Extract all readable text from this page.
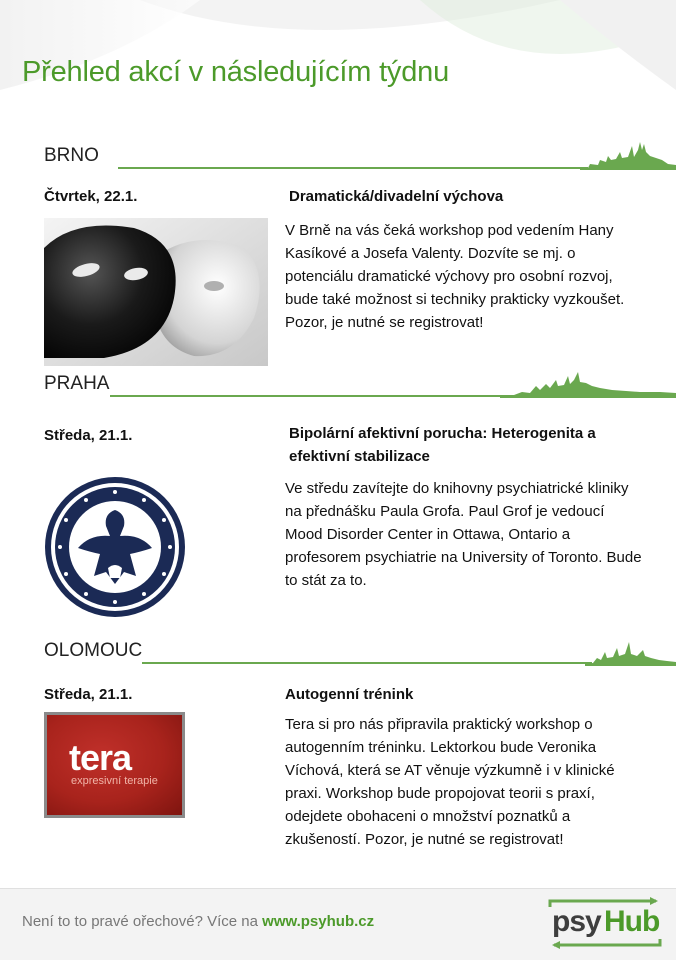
Přehled akcí v následujícím týdnu
BRNO
Čtvrtek, 22.1.	Dramatická/divadelní výchova
V Brně na vás čeká workshop pod vedením Hany Kasíkové a Josefa Valenty. Dozvíte se mj. o potenciálu dramatické výchovy pro osobní rozvoj, bude také možnost si techniky prakticky vyzkoušet. Pozor, je nutné se registrovat!
PRAHA
Středa, 21.1.	Bipolární afektivní porucha: Heterogenita a efektivní stabilizace
Ve středu zavítejte do knihovny psychiatrické kliniky na přednášku Paula Grofa. Paul Grof je vedoucí Mood Disorder Center in Ottawa, Ontario a profesorem psychiatrie na University of Toronto. Bude to stát za to.
OLOMOUC
Středa, 21.1.	Autogenní trénink
tera
expresivní terapie
Tera si pro nás připravila praktický workshop o autogenním tréninku. Lektorkou bude Veronika Víchová, která se AT věnuje výzkumně i v klinické praxi. Workshop bude propojovat teorii s praxí, odejdete obohaceni o množství poznatků a zkušeností. Pozor, je nutné se registrovat!
Není to to pravé ořechové? Více na www.psyhub.cz	psy Hub
